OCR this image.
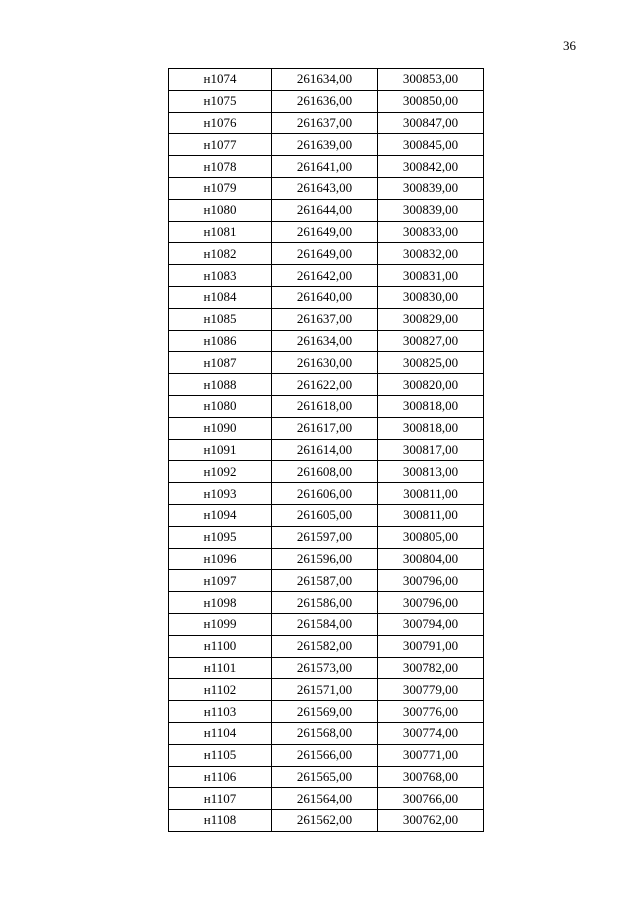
36
н1074	261634,00	300853,00
н1075	261636,00	300850,00
н1076	261637,00	300847,00
н1077	261639,00	300845,00
н1078	261641,00	300842,00
н1079	261643,00	300839,00
н1080	261644,00	300839,00
н1081	261649,00	300833,00
н1082	261649,00	300832,00
н1083	261642,00	300831,00
н1084	261640,00	300830,00
н1085	261637,00	300829,00
н1086	261634,00	300827,00
н1087	261630,00	300825,00
н1088	261622,00	300820,00
н1080	261618,00	300818,00
н1090	261617,00	300818,00
н1091	261614,00	300817,00
н1092	261608,00	300813,00
н1093	261606,00	300811,00
н1094	261605,00	300811,00
н1095	261597,00	300805,00
н1096	261596,00	300804,00
н1097	261587,00	300796,00
н1098	261586,00	300796,00
н1099	261584,00	300794,00
н1100	261582,00	300791,00
н1101	261573,00	300782,00
н1102	261571,00	300779,00
н1103	261569,00	300776,00
н1104	261568,00	300774,00
н1105	261566,00	300771,00
н1106	261565,00	300768,00
н1107	261564,00	300766,00
н1108	261562,00	300762,00
